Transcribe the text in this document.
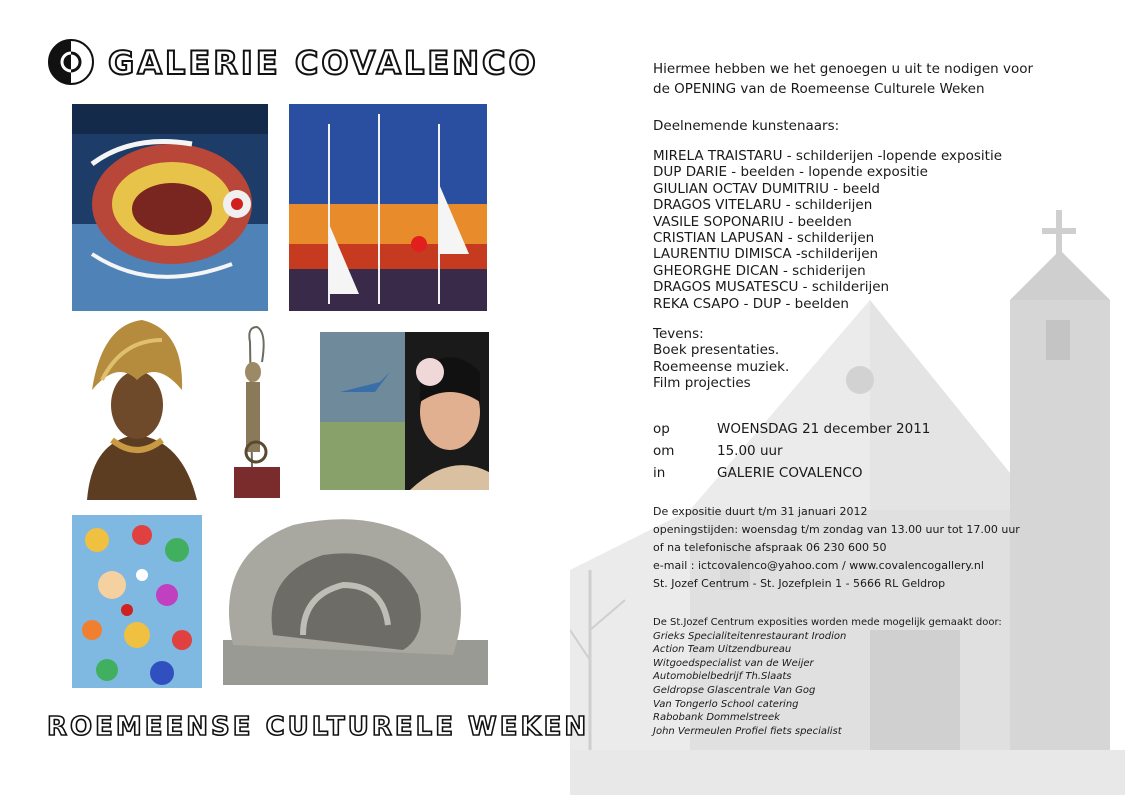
GALERIE COVALENCO
ROEMEENSE CULTURELE WEKEN
Hiermee hebben we het genoegen u uit te nodigen voor
de OPENING van de Roemeense Culturele Weken
Deelnemende kunstenaars:
MIRELA TRAISTARU - schilderijen -lopende expositie
DUP DARIE - beelden - lopende expositie
GIULIAN OCTAV DUMITRIU - beeld
DRAGOS VITELARU - schilderijen
VASILE SOPONARIU - beelden
CRISTIAN LAPUSAN - schilderijen
LAURENTIU DIMISCA -schilderijen
GHEORGHE DICAN - schiderijen
DRAGOS MUSATESCU - schilderijen
REKA CSAPO - DUP - beelden
Tevens:
Boek presentaties.
Roemeense muziek.
Film projecties
op	WOENSDAG 21 december 2011
om	15.00 uur
in	GALERIE COVALENCO
De expositie duurt t/m 31 januari 2012
openingstijden: woensdag t/m zondag van 13.00 uur tot 17.00 uur
of na telefonische afspraak 06 230 600 50
e-mail : ictcovalenco@yahoo.com / www.covalencogallery.nl
St. Jozef Centrum - St. Jozefplein 1 - 5666 RL Geldrop
De St.Jozef Centrum exposities worden mede mogelijk gemaakt door:
Grieks Specialiteitenrestaurant Irodion
Action Team Uitzendbureau
Witgoedspecialist van de Weijer
Automobielbedrijf Th.Slaats
Geldropse Glascentrale Van Gog
Van Tongerlo School catering
Rabobank Dommelstreek
John Vermeulen Profiel fiets specialist
